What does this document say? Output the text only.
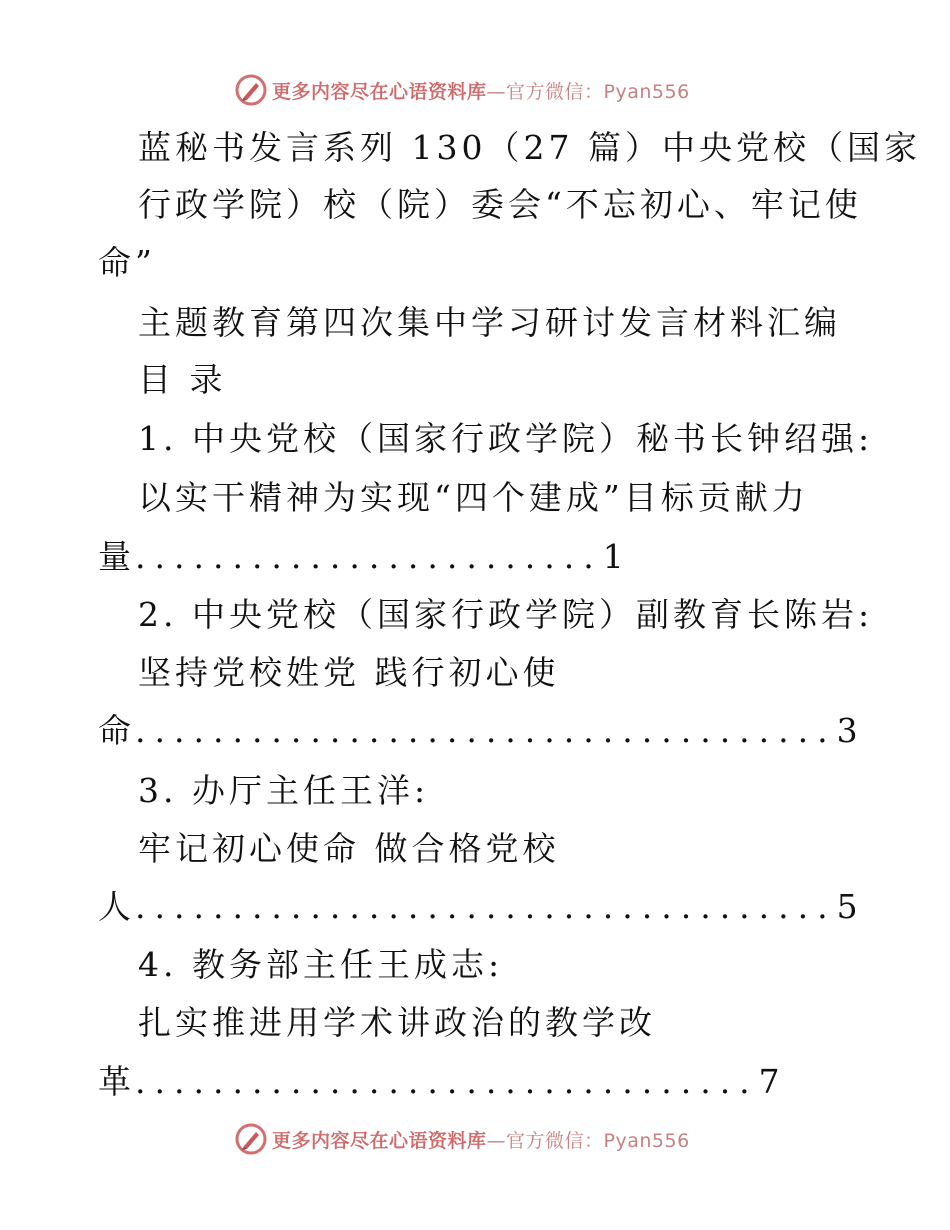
更多内容尽在心语资料库—官方微信：Pyan556
蓝秘书发言系列 130（27 篇）中央党校（国家
行政学院）校（院）委会“不忘初心、牢记使
命”
主题教育第四次集中学习研讨发言材料汇编
目 录
1. 中央党校（国家行政学院）秘书长钟绍强:
以实干精神为实现“四个建成”目标贡献力
量 ........................ 1
2. 中央党校（国家行政学院）副教育长陈岩:
坚持党校姓党 践行初心使
命 .................................... 3
3. 办厅主任王洋:
牢记初心使命 做合格党校
人 .................................... 5
4. 教务部主任王成志:
扎实推进用学术讲政治的教学改
革 ................................ 7
更多内容尽在心语资料库—官方微信：Pyan556
